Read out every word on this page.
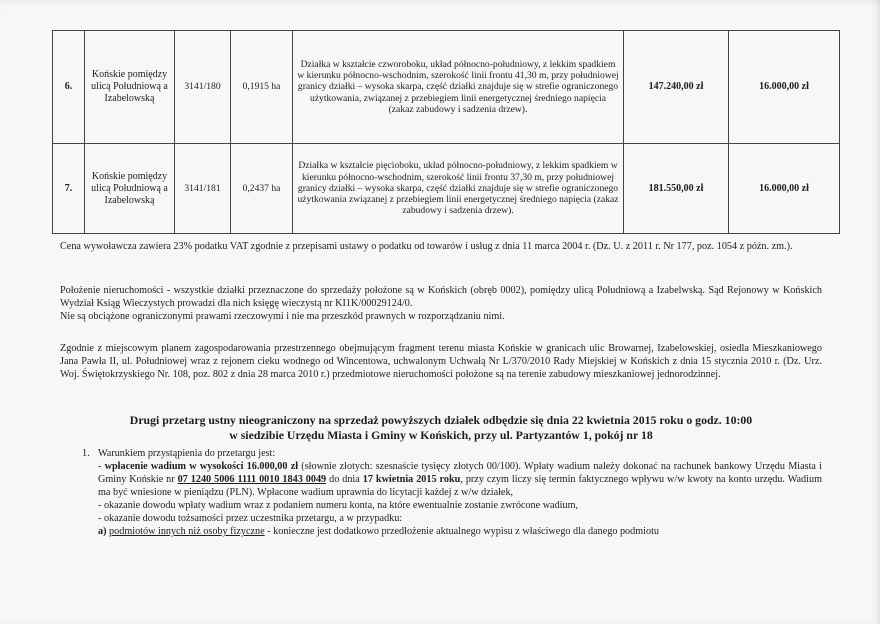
6.	Końskie pomiędzy ulicą Południową a Izabelowską	3141/180	0,1915 ha	Działka w kształcie czworoboku, układ północno-południowy, z lekkim spadkiem w kierunku północno-wschodnim, szerokość linii frontu 41,30 m, przy południowej granicy działki – wysoka skarpa, część działki znajduje się w strefie ograniczonego użytkowania, związanej z przebiegiem linii energetycznej średniego napięcia (zakaz zabudowy i sadzenia drzew).	147.240,00 zł	16.000,00 zł
7.	Końskie pomiędzy ulicą Południową a Izabelowską	3141/181	0,2437 ha	Działka w kształcie pięcioboku, układ północno-południowy, z lekkim spadkiem w kierunku północno-wschodnim, szerokość linii frontu 37,30 m, przy południowej granicy działki – wysoka skarpa, część działki znajduje się w strefie ograniczonego użytkowania związanej z przebiegiem linii energetycznej średniego napięcia (zakaz zabudowy i sadzenia drzew).	181.550,00 zł	16.000,00 zł

Cena wywoławcza zawiera 23% podatku VAT zgodnie z przepisami ustawy o podatku od towarów i usług z dnia 11 marca 2004 r. (Dz. U. z 2011 r. Nr 177, poz. 1054 z późn. zm.).

Położenie nieruchomości - wszystkie działki przeznaczone do sprzedaży położone są w Końskich (obręb 0002), pomiędzy ulicą Południową a Izabelwską. Sąd Rejonowy w Końskich Wydział Ksiąg Wieczystych prowadzi dla nich księgę wieczystą nr KI1K/00029124/0.

Nie są obciążone ograniczonymi prawami rzeczowymi i nie ma przeszkód prawnych w rozporządzaniu nimi.

Zgodnie z miejscowym planem zagospodarowania przestrzennego obejmującym fragment terenu miasta Końskie w granicach ulic Browarnej, Izabelowskiej, osiedla Mieszkaniowego Jana Pawła II, ul. Południowej wraz z rejonem cieku wodnego od Wincentowa, uchwalonym Uchwałą Nr L/370/2010 Rady Miejskiej w Końskich z dnia 15 stycznia 2010 r. (Dz. Urz. Woj. Świętokrzyskiego Nr. 108, poz. 802 z dnia 28 marca 2010 r.) przedmiotowe nieruchomości położone są na terenie zabudowy mieszkaniowej jednorodzinnej.

Drugi przetarg ustny nieograniczony na sprzedaż powyższych działek odbędzie się dnia 22 kwietnia 2015 roku o godz. 10:00

w siedzibie Urzędu Miasta i Gminy w Końskich, przy ul. Partyzantów 1, pokój nr 18

1. Warunkiem przystąpienia do przetargu jest:

- wpłacenie wadium w wysokości 16.000,00 zł (słownie złotych: szesnaście tysięcy złotych 00/100). Wpłaty wadium należy dokonać na rachunek bankowy Urzędu Miasta i Gminy Końskie nr 07 1240 5006 1111 0010 1843 0049 do dnia 17 kwietnia 2015 roku, przy czym liczy się termin faktycznego wpływu w/w kwoty na konto urzędu. Wadium ma być wniesione w pieniądzu (PLN). Wpłacone wadium uprawnia do licytacji każdej z w/w działek,

- okazanie dowodu wpłaty wadium wraz z podaniem numeru konta, na które ewentualnie zostanie zwrócone wadium,

- okazanie dowodu tożsamości przez uczestnika przetargu, a w przypadku:

a) podmiotów innych niż osoby fizyczne - konieczne jest dodatkowo przedłożenie aktualnego wypisu z właściwego dla danego podmiotu
